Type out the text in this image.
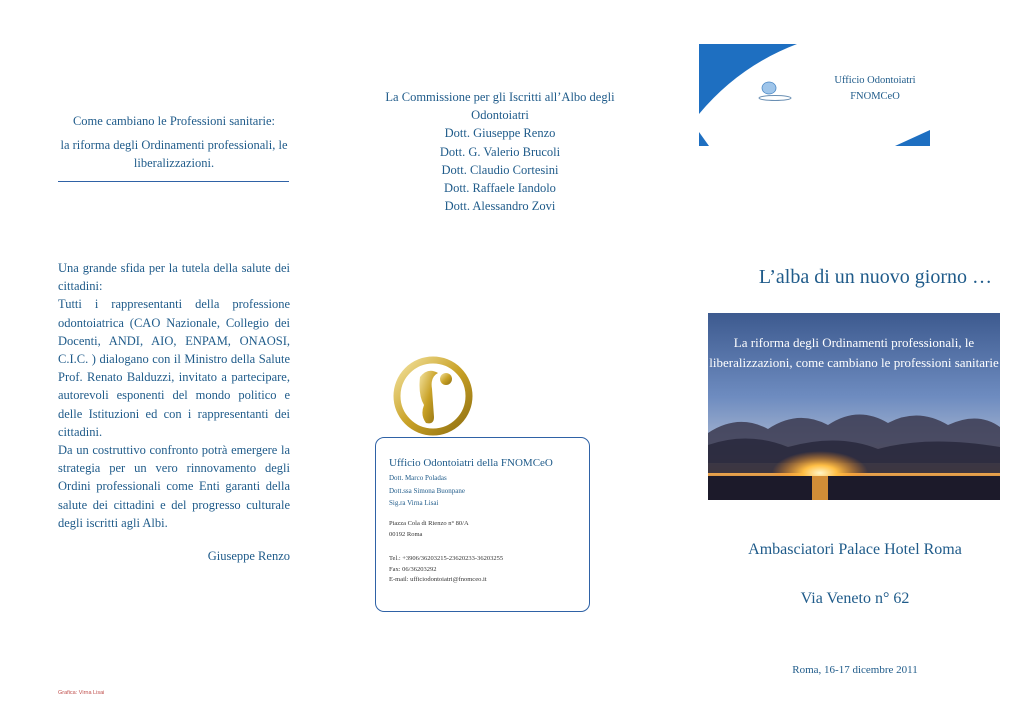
Come cambiano le Professioni sanitarie:

la riforma degli Ordinamenti professionali, le liberalizzazioni.

Una grande sfida per la tutela della salute dei cittadini:
Tutti i rappresentanti della professione odontoiatrica (CAO Nazionale, Collegio dei Docenti, ANDI, AIO, ENPAM, ONAOSI, C.I.C. ) dialogano con il Ministro della Salute Prof. Renato Balduzzi, invitato a partecipare, autorevoli esponenti del mondo politico e delle Istituzioni ed con i rappresentanti dei cittadini.
Da un costruttivo confronto potrà emergere la strategia per un vero rinnovamento degli Ordini professionali come Enti garanti della salute dei cittadini e del progresso culturale degli iscritti agli Albi.
Giuseppe Renzo
Grafica: Virna Lisai
La Commissione per gli Iscritti all’Albo degli Odontoiatri
Dott. Giuseppe Renzo
Dott. G. Valerio Brucoli
Dott. Claudio Cortesini
Dott. Raffaele Iandolo
Dott. Alessandro Zovi
Ufficio Odontoiatri della FNOMCeO
Dott. Marco Poladas
Dott.ssa Simona Buonpane
Sig.ra Virna Lisai
Piazza Cola di Rienzo n° 80/A
00192 Roma
Tel.: +3906/36203215-23620233-36203255
Fax: 06/36203292
E-mail: ufficiodontoiatri@fnomceo.it
Ufficio Odontoiatri
FNOMCeO
L’alba di un nuovo giorno …
La riforma degli Ordinamenti professionali, le liberalizzazioni, come cambiano le professioni sanitarie
Ambasciatori Palace Hotel Roma
Via Veneto n° 62
Roma, 16-17 dicembre 2011
